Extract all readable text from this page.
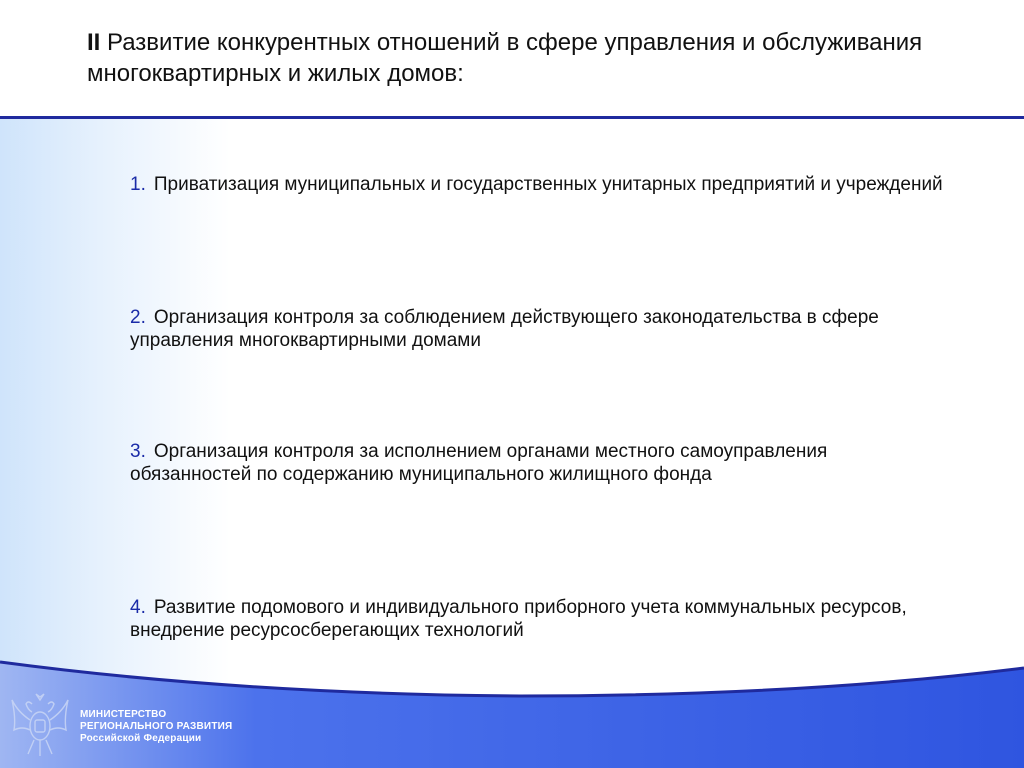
II Развитие конкурентных отношений в сфере управления и обслуживания многоквартирных и жилых домов:
1. Приватизация муниципальных и государственных унитарных предприятий и учреждений
2. Организация контроля за соблюдением действующего законодательства в сфере управления многоквартирными домами
3. Организация контроля за исполнением органами местного самоуправления обязанностей по содержанию муниципального жилищного фонда
4. Развитие подомового и индивидуального приборного учета коммунальных ресурсов, внедрение ресурсосберегающих технологий
МИНИСТЕРСТВО
РЕГИОНАЛЬНОГО РАЗВИТИЯ
Российской Федерации
